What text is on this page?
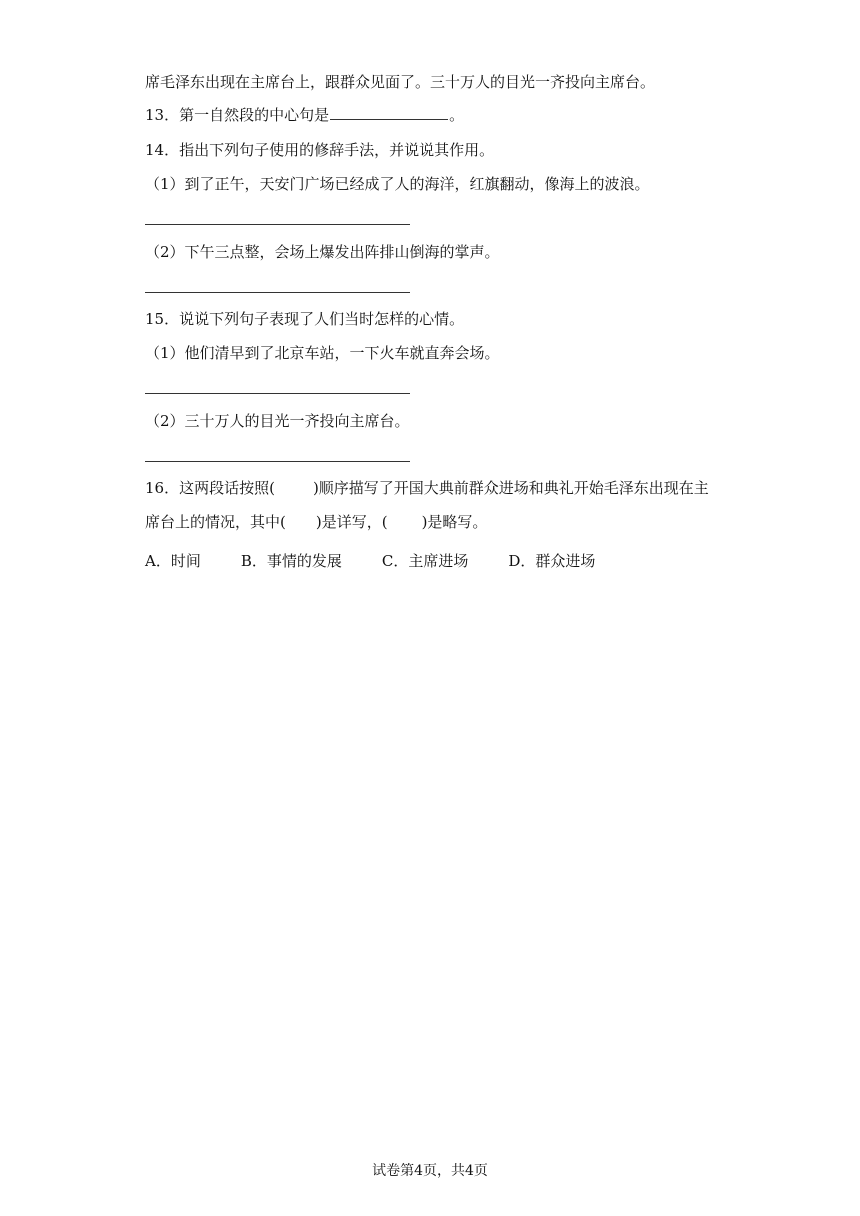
席毛泽东出现在主席台上，跟群众见面了。三十万人的目光一齐投向主席台。
13．第一自然段的中心句是	。
14．指出下列句子使用的修辞手法，并说说其作用。
（1）到了正午，天安门广场已经成了人的海洋，红旗翻动，像海上的波浪。
（2）下午三点整，会场上爆发出阵排山倒海的掌声。
15．说说下列句子表现了人们当时怎样的心情。
（1）他们清早到了北京车站，一下火车就直奔会场。
（2）三十万人的目光一齐投向主席台。
16．这两段话按照(	)顺序描写了开国大典前群众进场和典礼开始毛泽东出现在主
席台上的情况，其中( )是详写，( )是略写。
A．时间	B．事情的发展	C．主席进场	D．群众进场
试卷第4页，共4页
